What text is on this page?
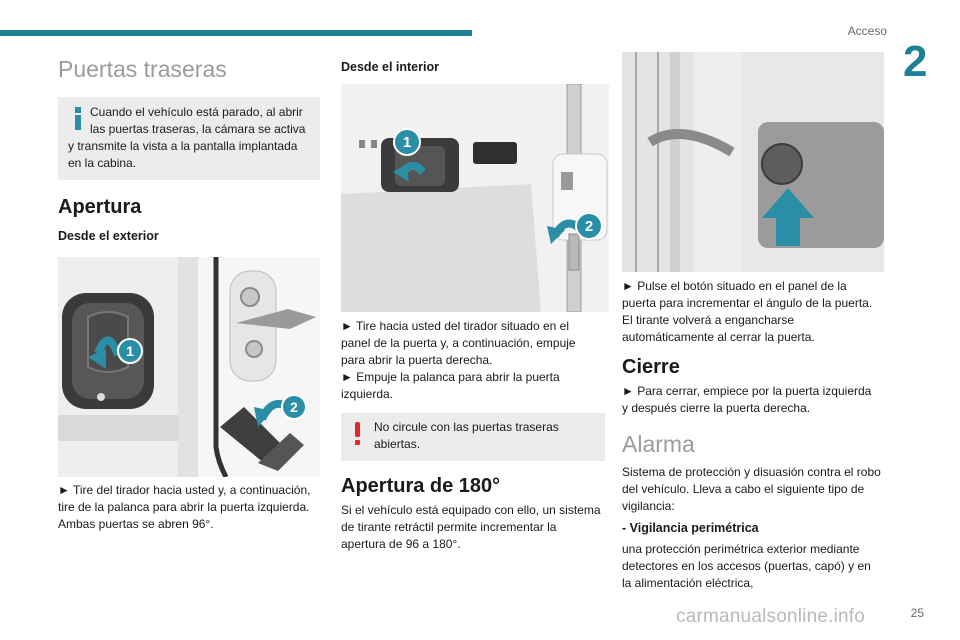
Acceso
2
Puertas traseras
Cuando el vehículo está parado, al abrir
las puertas traseras, la cámara se activa
y transmite la vista a la pantalla implantada
en la cabina.
Apertura
Desde el exterior
1
2
► Tire del tirador hacia usted y, a continuación,
tire de la palanca para abrir la puerta izquierda.
Ambas puertas se abren 96°.
Desde el interior
1
2
► Tire hacia usted del tirador situado en el
panel de la puerta y, a continuación, empuje
para abrir la puerta derecha.
► Empuje la palanca para abrir la puerta
izquierda.
No circule con las puertas traseras
abiertas.
Apertura de 180°
Si el vehículo está equipado con ello, un sistema
de tirante retráctil permite incrementar la
apertura de 96 a 180°.
► Pulse el botón situado en el panel de la
puerta para incrementar el ángulo de la puerta.
El tirante volverá a engancharse
automáticamente al cerrar la puerta.
Cierre
► Para cerrar, empiece por la puerta izquierda
y después cierre la puerta derecha.
Alarma
Sistema de protección y disuasión contra el robo
del vehículo. Lleva a cabo el siguiente tipo de
vigilancia:
- Vigilancia perimétrica
una protección perimétrica exterior mediante
detectores en los accesos (puertas, capó) y en
la alimentación eléctrica,
carmanualsonline.info	25
